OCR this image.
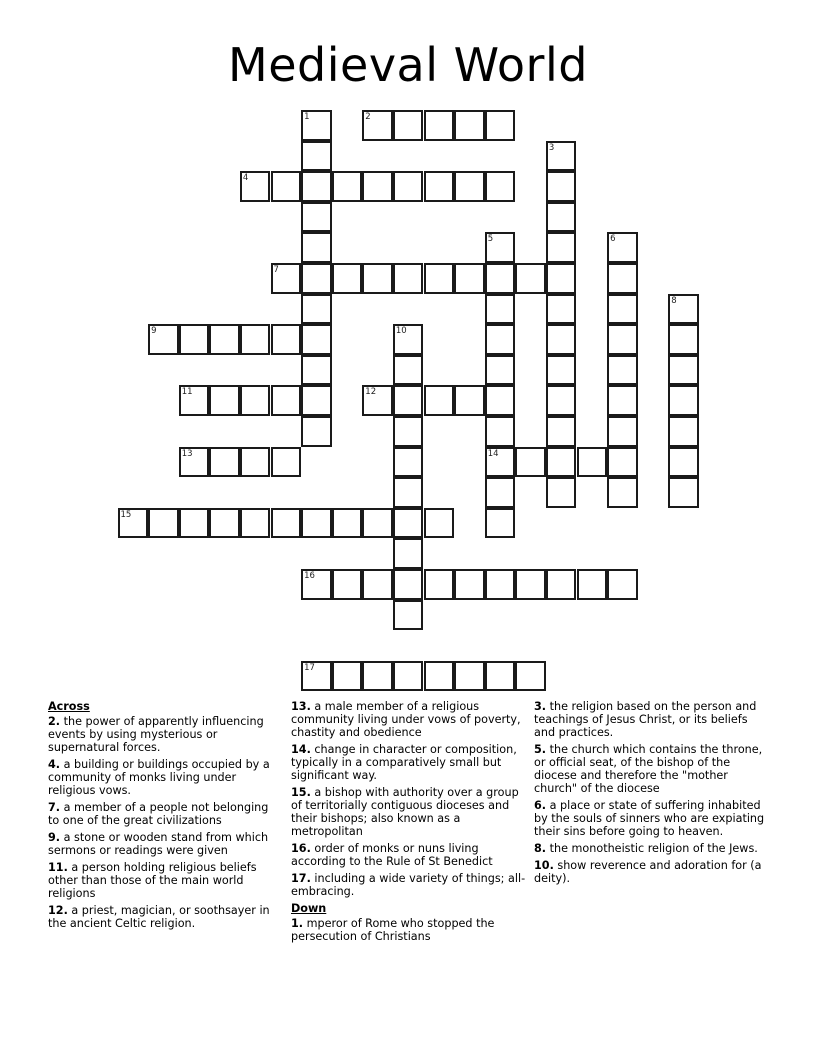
Medieval World
1	2
3
4
5
14
6
7
8
9	10
11	12
13
15
16
17
Across
2. the power of apparently influencing events by using mysterious or supernatural forces.
4. a building or buildings occupied by a community of monks living under religious vows.
7. a member of a people not belonging to one of the great civilizations
9. a stone or wooden stand from which sermons or readings were given
11. a person holding religious beliefs other than those of the main world religions
12. a priest, magician, or soothsayer in the ancient Celtic religion.
13. a male member of a religious community living under vows of poverty, chastity and obedience
14. change in character or composition, typically in a comparatively small but significant way.
15. a bishop with authority over a group of territorially contiguous dioceses and their bishops; also known as a metropolitan
16. order of monks or nuns living according to the Rule of St Benedict
17. including a wide variety of things; all-embracing.
Down
1. mperor of Rome who stopped the persecution of Christians
3. the religion based on the person and teachings of Jesus Christ, or its beliefs and practices.
5. the church which contains the throne, or official seat, of the bishop of the diocese and therefore the "mother church" of the diocese
6. a place or state of suffering inhabited by the souls of sinners who are expiating their sins before going to heaven.
8. the monotheistic religion of the Jews.
10. show reverence and adoration for (a deity).
